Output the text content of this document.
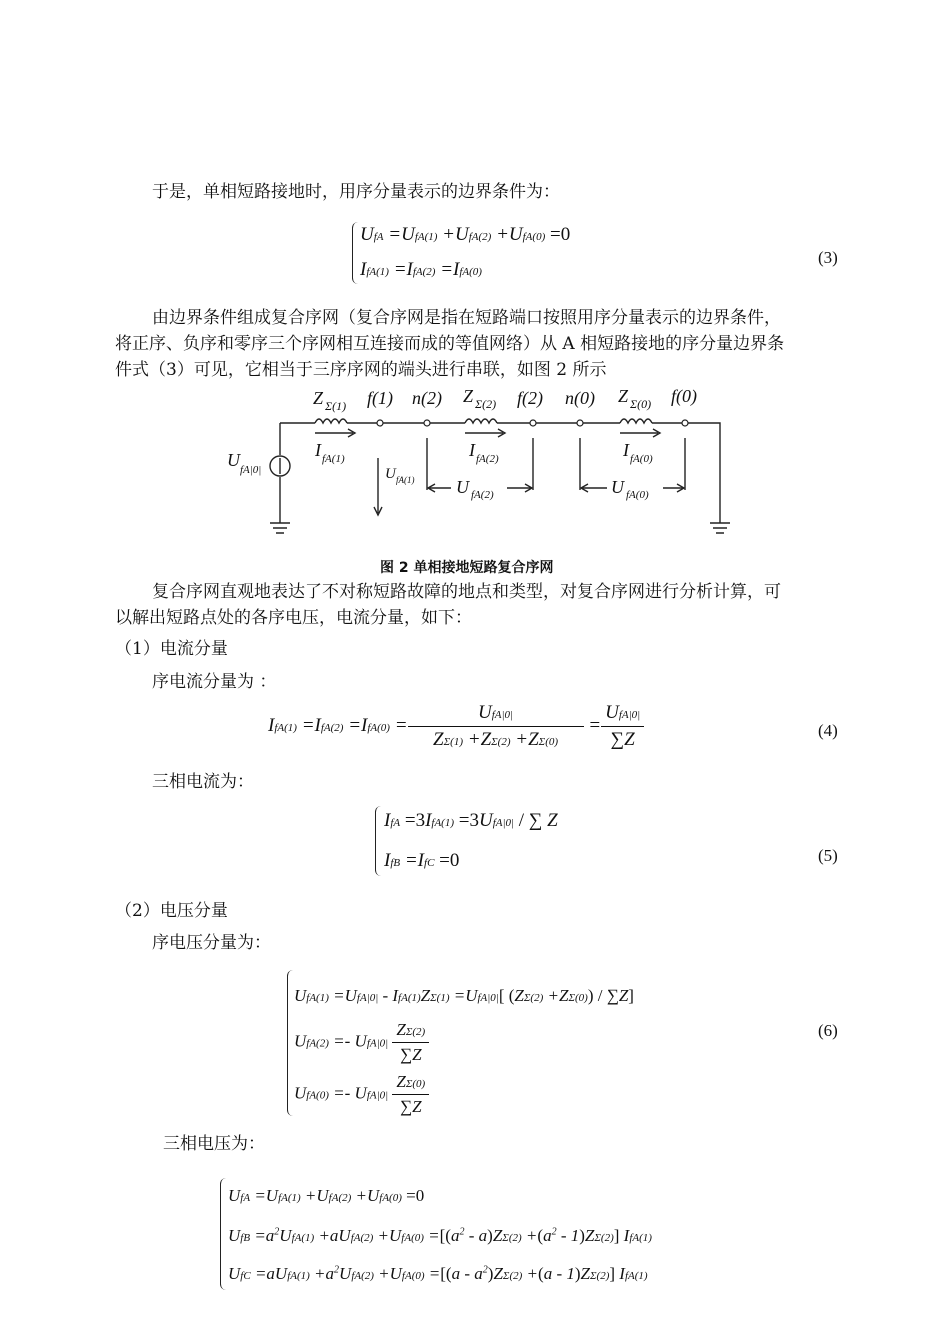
于是，单相短路接地时，用序分量表示的边界条件为：
UfA =UfA(1) +UfA(2) +UfA(0) =0
IfA(1) =IfA(2) =IfA(0)
(3)
由边界条件组成复合序网（复合序网是指在短路端口按照用序分量表示的边界条件，
将正序、负序和零序三个序网相互连接而成的等值网络）从 A 相短路接地的序分量边界条
件式（3）可见，它相当于三序序网的端头进行串联，如图 2 所示
Z Σ(1) f(1) n(2) Z Σ(2) f(2) n(0) Z Σ(0) f(0)
U fA|0|
I fA(1)	I fA(2)	I fA(0)
U fA(1) U fA(2)	U fA(0)
图 2 单相接地短路复合序网
复合序网直观地表达了不对称短路故障的地点和类型，对复合序网进行分析计算，可
以解出短路点处的各序电压，电流分量，如下：
（1）电流分量
序电流分量为 ：
$IfA(1) =IfA(2) =IfA(0) = \frac{\text{UfA|0|}}{Z\Sigma(1) +Z\Sigma(2) +Z\Sigma(0)} = \frac{\text{UfA|0|}}{\sum Z}$	(4)
三相电流为：
IfA =3IfA(1) =3UfA|0| / ∑ Z
IfB =IfC =0	(5)
（2）电压分量
序电压分量为：
UfA(1) =UfA|0| - IfA(1)ZΣ(1) =UfA|0|[ (ZΣ(2) +ZΣ(0)) / ∑Z]
$UfA(2) =- UfA|0| \frac{Z\Sigma(2)}{\sum Z}$
$UfA(0) =- UfA|0| \frac{Z\Sigma(0)}{\sum Z}$
(6)
三相电压为：
UfA =UfA(1) +UfA(2) +UfA(0) =0
UfB $=a^2UfA(1)$ +aUfA(2) $+UfA(0) =[(a^2 - a)Z\Sigma(2) +(a^2 - 1)Z\Sigma(2)]$ IfA(1)
UfC =aUfA(1) $+a^2UfA(2) +UfA(0) =[(a - a^2)Z\Sigma(2) +(a - 1)Z\Sigma(2)]$ IfA(1)
